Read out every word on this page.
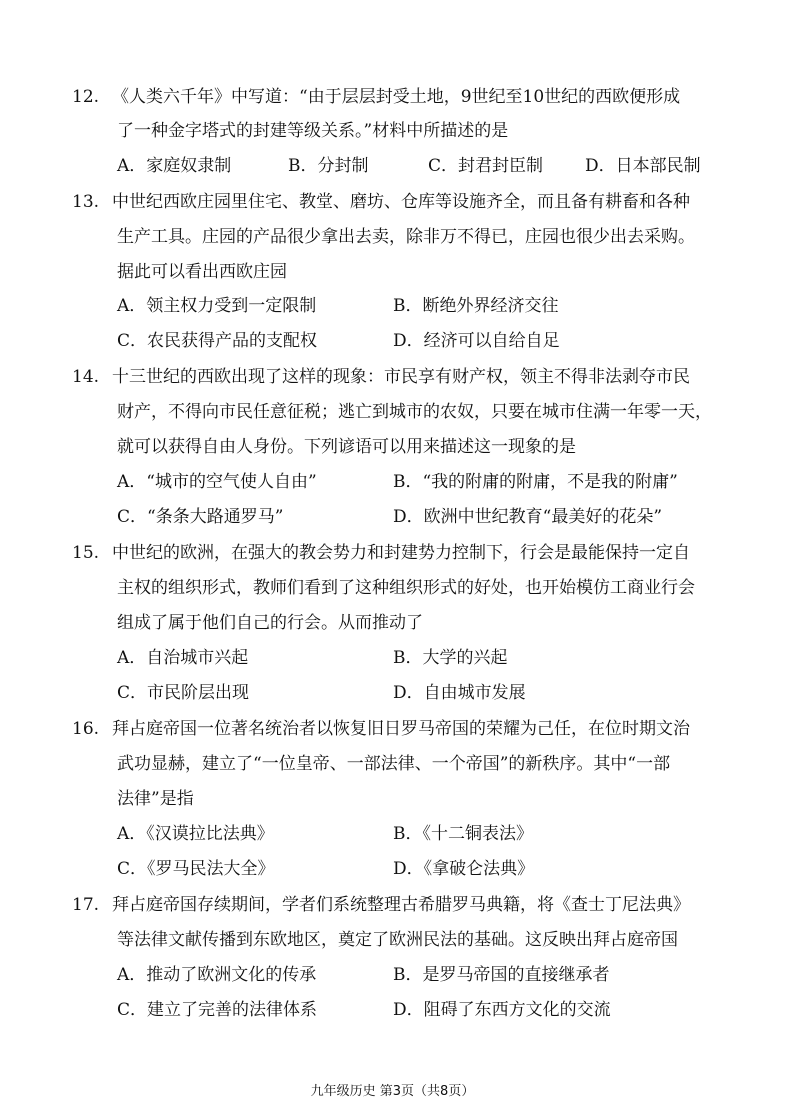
12. 《人类六千年》中写道：“由于层层封受土地，9世纪至10世纪的西欧便形成
了一种金字塔式的封建等级关系。”材料中所描述的是
A．家庭奴隶制	B．分封制	C．封君封臣制 D．日本部民制
13. 中世纪西欧庄园里住宅、教堂、磨坊、仓库等设施齐全，而且备有耕畜和各种
生产工具。庄园的产品很少拿出去卖，除非万不得已，庄园也很少出去采购。
据此可以看出西欧庄园
A．领主权力受到一定限制	B．断绝外界经济交往
C．农民获得产品的支配权	D．经济可以自给自足
14. 十三世纪的西欧出现了这样的现象：市民享有财产权，领主不得非法剥夺市民
财产，不得向市民任意征税；逃亡到城市的农奴，只要在城市住满一年零一天，
就可以获得自由人身份。下列谚语可以用来描述这一现象的是
A．“城市的空气使人自由”	B．“我的附庸的附庸，不是我的附庸”
C．“条条大路通罗马”	D．欧洲中世纪教育“最美好的花朵”
15. 中世纪的欧洲，在强大的教会势力和封建势力控制下，行会是最能保持一定自
主权的组织形式，教师们看到了这种组织形式的好处，也开始模仿工商业行会
组成了属于他们自己的行会。从而推动了
A．自治城市兴起	B．大学的兴起
C．市民阶层出现	D．自由城市发展
16. 拜占庭帝国一位著名统治者以恢复旧日罗马帝国的荣耀为己任，在位时期文治
武功显赫，建立了“一位皇帝、一部法律、一个帝国”的新秩序。其中“一部
法律”是指
A．《汉谟拉比法典》	B．《十二铜表法》
C．《罗马民法大全》	D．《拿破仑法典》
17. 拜占庭帝国存续期间，学者们系统整理古希腊罗马典籍，将《查士丁尼法典》
等法律文献传播到东欧地区，奠定了欧洲民法的基础。这反映出拜占庭帝国
A．推动了欧洲文化的传承	B．是罗马帝国的直接继承者
C．建立了完善的法律体系	D．阻碍了东西方文化的交流
九年级历史 第3页（共8页）
